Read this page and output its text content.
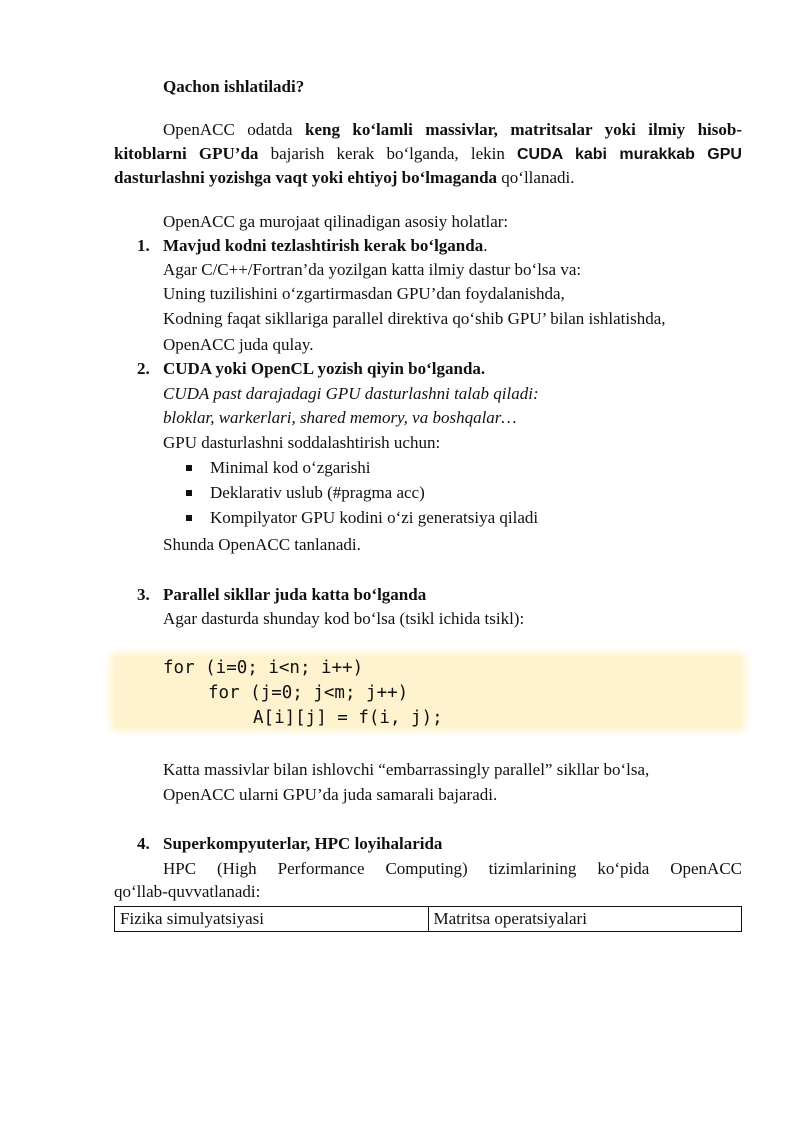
Qachon ishlatiladi?
OpenACC odatda keng ko‘lamli massivlar, matritsalar yoki ilmiy hisob-
kitoblarni GPU’da bajarish kerak bo‘lganda, lekin CUDA kabi murakkab GPU
dasturlashni yozishga vaqt yoki ehtiyoj bo‘lmaganda qo‘llanadi.
OpenACC ga murojaat qilinadigan asosiy holatlar:
1. Mavjud kodni tezlashtirish kerak bo‘lganda.
Agar C/C++/Fortran’da yozilgan katta ilmiy dastur bo‘lsa va:
Uning tuzilishini o‘zgartirmasdan GPU’dan foydalanishda,
Kodning faqat sikllariga parallel direktiva qo‘shib GPU’ bilan ishlatishda,
OpenACC juda qulay.
2. CUDA yoki OpenCL yozish qiyin bo‘lganda.
CUDA past darajadagi GPU dasturlashni talab qiladi:
bloklar, warkerlari, shared memory, va boshqalar…
GPU dasturlashni soddalashtirish uchun:
Minimal kod o‘zgarishi
Deklarativ uslub (#pragma acc)
Kompilyator GPU kodini o‘zi generatsiya qiladi
Shunda OpenACC tanlanadi.
3. Parallel sikllar juda katta bo‘lganda
Agar dasturda shunday kod bo‘lsa (tsikl ichida tsikl):
for (i=0; i<n; i++)
for (j=0; j<m; j++)
A[i][j] = f(i, j);
Katta massivlar bilan ishlovchi “embarrassingly parallel” sikllar bo‘lsa,
OpenACC ularni GPU’da juda samarali bajaradi.
4. Superkompyuterlar, HPC loyihalarida
HPC (High Performance Computing) tizimlarining ko‘pida OpenACC
qo‘llab-quvvatlanadi:
Fizika simulyatsiyasi	Matritsa operatsiyalari
